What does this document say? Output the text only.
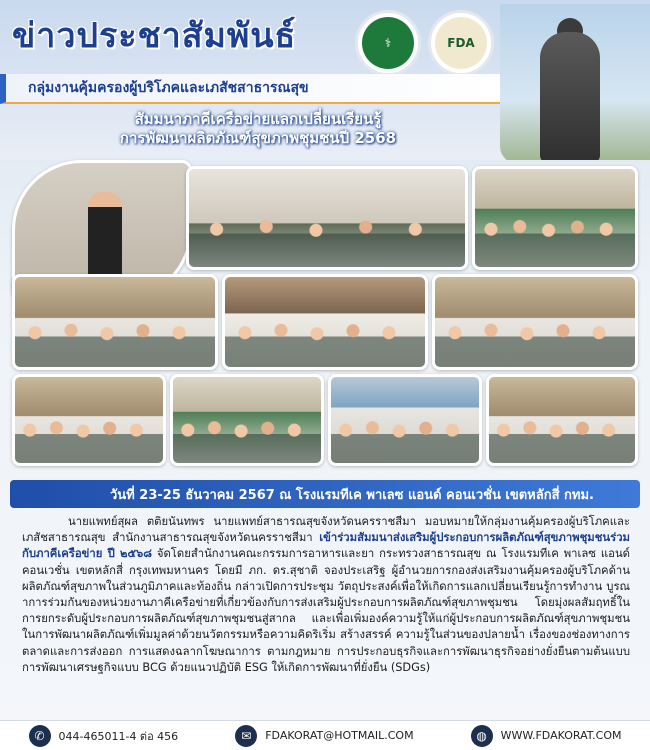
ข่าวประชาสัมพันธ์	⚕	FDA
กลุ่มงานคุ้มครองผู้บริโภคและเภสัชสาธารณสุข
สัมมนาภาคีเครือข่ายแลกเปลี่ยนเรียนรู้
การพัฒนาผลิตภัณฑ์สุขภาพชุมชนปี 2568
วันที่ 23-25 ธันวาคม 2567 ณ โรงแรมทีเค พาเลซ แอนด์ คอนเวชั่น เขตหลักสี่ กทม.
นายแพทย์สุผล ตติยนันทพร นายแพทย์สาธารณสุขจังหวัดนครราชสีมา มอบหมายให้กลุ่มงานคุ้มครองผู้บริโภคและเภสัชสาธารณสุข สำนักงานสาธารณสุขจังหวัดนครราชสีมา เข้าร่วมสัมมนาส่งเสริมผู้ประกอบการผลิตภัณฑ์สุขภาพชุมชนร่วมกับภาคีเครือข่าย ปี ๒๕๖๘ จัดโดยสำนักงานคณะกรรมการอาหารและยา กระทรวงสาธารณสุข ณ โรงแรมทีเค พาเลซ แอนด์ คอนเวชั่น เขตหลักสี่ กรุงเทพมหานคร โดยมี ภก. ดร.สุชาติ จองประเสริฐ ผู้อำนวยการกองส่งเสริมงานคุ้มครองผู้บริโภคด้านผลิตภัณฑ์สุขภาพในส่วนภูมิภาคและท้องถิ่น กล่าวเปิดการประชุม วัตถุประสงค์เพื่อให้เกิดการแลกเปลี่ยนเรียนรู้การทำงาน บูรณาการร่วมกันของหน่วยงานภาคีเครือข่ายที่เกี่ยวข้องกับการส่งเสริมผู้ประกอบการผลิตภัณฑ์สุขภาพชุมชน โดยมุ่งผลสัมฤทธิ์ในการยกระดับผู้ประกอบการผลิตภัณฑ์สุขภาพชุมชนสู่สากล และเพื่อเพิ่มองค์ความรู้ให้แก่ผู้ประกอบการผลิตภัณฑ์สุขภาพชุมชนในการพัฒนาผลิตภัณฑ์เพิ่มมูลค่าด้วยนวัตกรรมหรือความคิดริเริ่ม สร้างสรรค์ ความรู้ในส่วนของปลายน้ำ เรื่องของช่องทางการตลาดและการส่งออก การแสดงฉลากโฆษณาการ ตามกฎหมาย การประกอบธุรกิจและการพัฒนาธุรกิจอย่างยั่งยืนตามต้นแบบการพัฒนาเศรษฐกิจแบบ BCG ด้วยแนวปฏิบัติ ESG ให้เกิดการพัฒนาที่ยั่งยืน (SDGs)
✆	044-465011-4 ต่อ 456	✉	FDAKORAT@HOTMAIL.COM	◍	WWW.FDAKORAT.COM
